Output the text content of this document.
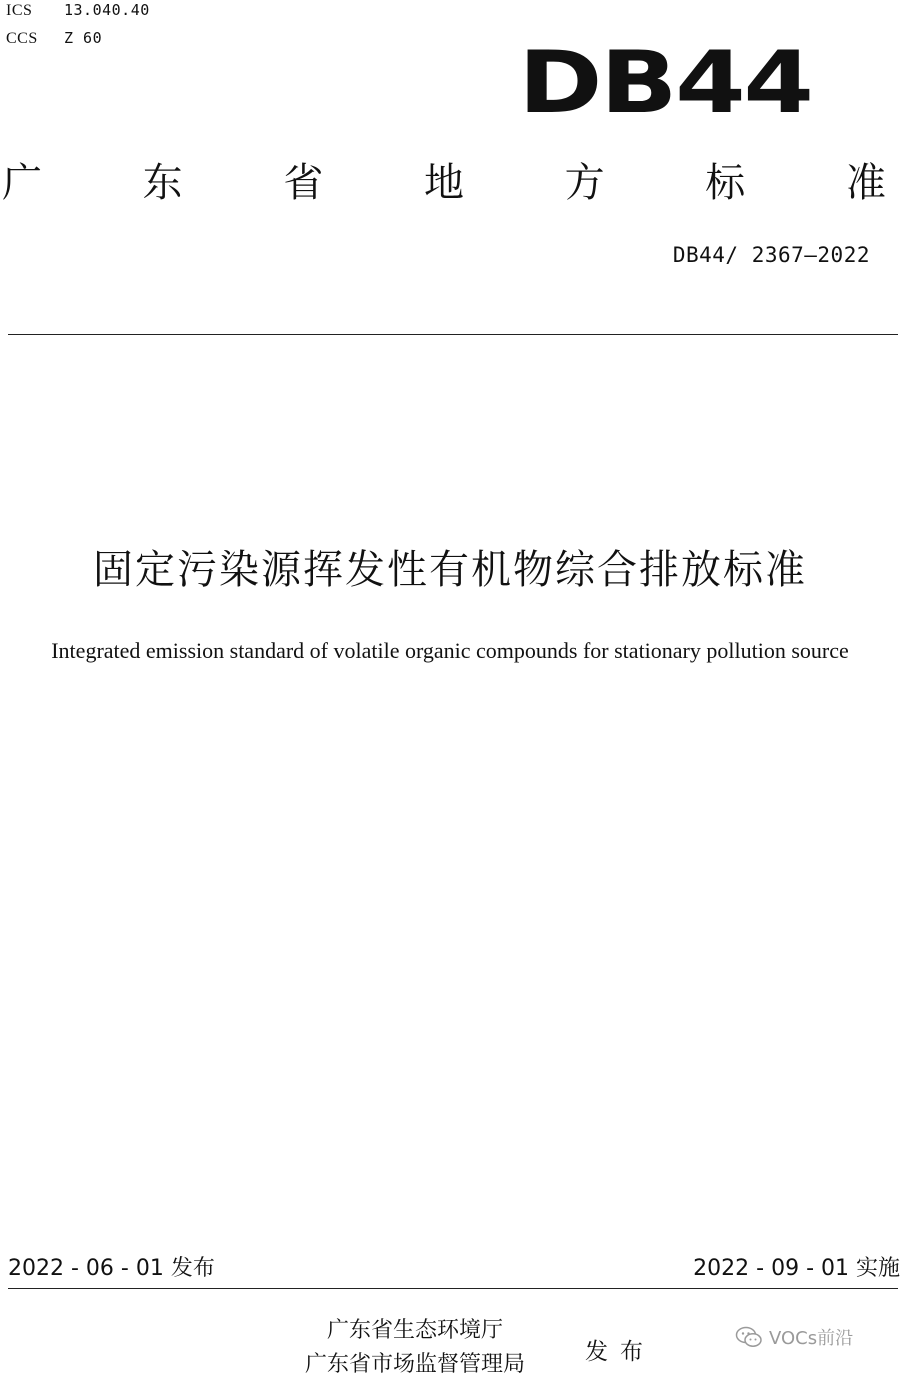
ICS 13.040.40
CCS Z 60	DB44
广	东	省	地	方	标	准
DB44/ 2367—2022
固定污染源挥发性有机物综合排放标准
Integrated emission standard of volatile organic compounds for stationary pollution source
2022 - 06 - 01 发布	2022 - 09 - 01 实施
广东省生态环境厅
广东省市场监督管理局	发布
VOCs前沿
